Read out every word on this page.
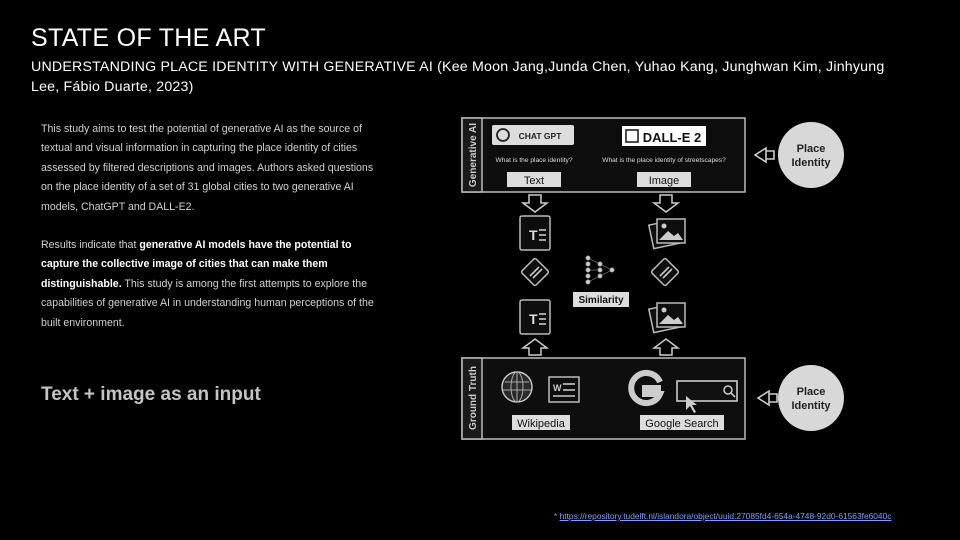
STATE OF THE ART
UNDERSTANDING PLACE IDENTITY WITH GENERATIVE AI (Kee Moon Jang,Junda Chen, Yuhao Kang, Junghwan Kim, Jinhyung Lee, Fábio Duarte, 2023)

This study aims to test the potential of generative AI as the source of textual and visual information in capturing the place identity of cities assessed by filtered descriptions and images. Authors asked questions on the place identity of a set of 31 global cities to two generative AI models, ChatGPT and DALL-E2.

Results indicate that generative AI models have the potential to capture the collective image of cities that can make them distinguishable. This study is among the first attempts to explore the capabilities of generative AI in understanding human perceptions of the built environment.

Text + image as an input
* https://repository.tudelft.nl/islandora/object/uuid:27085fd4-654a-4748-92d0-61563fe6040c
Generative AI	CHAT GPT	DALL-E 2
What is the place identity?	What is the place identity of streetscapes?
Text	Image
Place
Identity
T
Similarity
T
Ground Truth	W
Wikipedia	Google Search
Place
Identity
